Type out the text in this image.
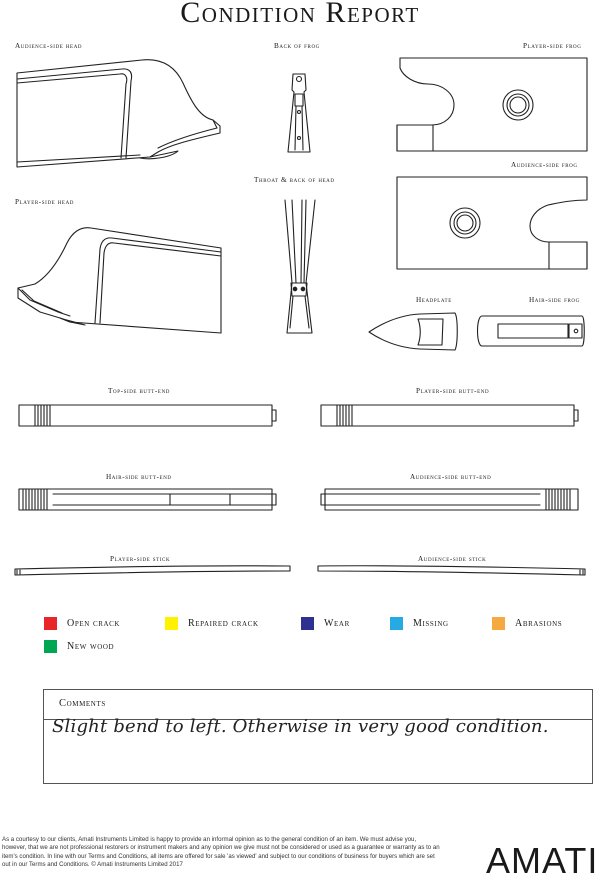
Condition Report
Audience-side head	Back of frog	Player-side frog
Audience-side frog
Player-side head
Throat & back of head
Headplate	Hair-side frog
Top-side butt-end	Player-side butt-end
Hair-side butt-end	Audience-side butt-end
Player-side stick	Audience-side stick
Open crack	Repaired crack	Wear	Missing	Abrasions
New wood
Comments
Slight bend to left. Otherwise in very good condition.
As a courtesy to our clients, Amati Instruments Limited is happy to provide an informal opinion as to the general condition of an item. We must advise you, however, that we are not professional restorers or instrument makers and any opinion we give must not be considered or used as a guarantee or warranty as to an item's condition. In line with our Terms and Conditions, all items are offered for sale 'as viewed' and subject to our conditions of business for buyers which are set out in our Terms and Conditions. © Amati Instruments Limited 2017	AMATI
